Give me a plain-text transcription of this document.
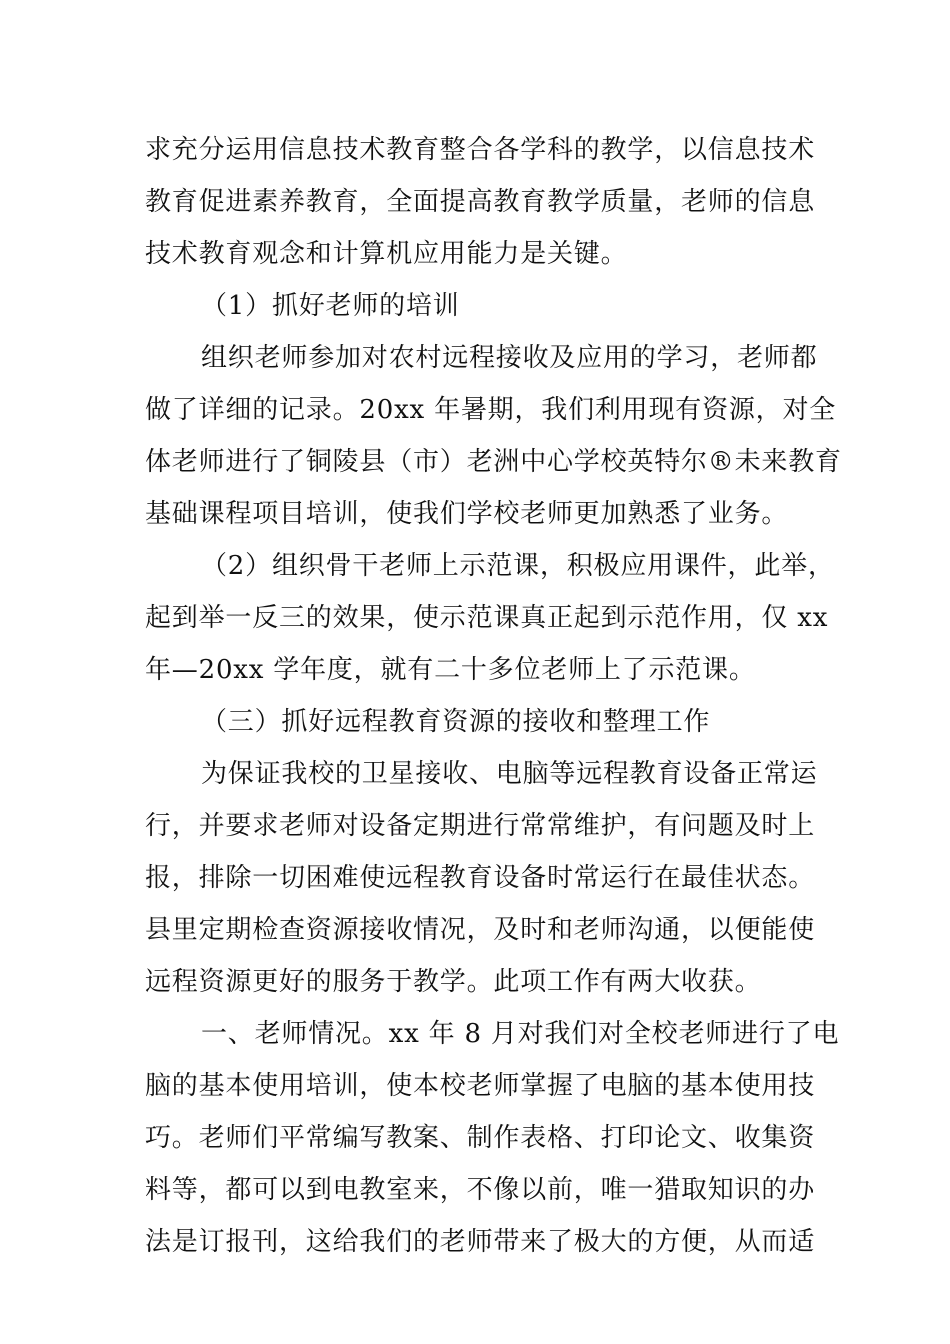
求充分运用信息技术教育整合各学科的教学，以信息技术
教育促进素养教育，全面提高教育教学质量，老师的信息
技术教育观念和计算机应用能力是关键。
（1）抓好老师的培训
组织老师参加对农村远程接收及应用的学习，老师都
做了详细的记录。20xx 年暑期，我们利用现有资源，对全
体老师进行了铜陵县（市）老洲中心学校英特尔®未来教育
基础课程项目培训，使我们学校老师更加熟悉了业务。
（2）组织骨干老师上示范课，积极应用课件，此举，
起到举一反三的效果，使示范课真正起到示范作用，仅 xx
年—20xx 学年度，就有二十多位老师上了示范课。
（三）抓好远程教育资源的接收和整理工作
为保证我校的卫星接收、电脑等远程教育设备正常运
行，并要求老师对设备定期进行常常维护，有问题及时上
报，排除一切困难使远程教育设备时常运行在最佳状态。
县里定期检查资源接收情况，及时和老师沟通，以便能使
远程资源更好的服务于教学。此项工作有两大收获。
一、老师情况。xx 年 8 月对我们对全校老师进行了电
脑的基本使用培训，使本校老师掌握了电脑的基本使用技
巧。老师们平常编写教案、制作表格、打印论文、收集资
料等，都可以到电教室来，不像以前，唯一猎取知识的办
法是订报刊，这给我们的老师带来了极大的方便，从而适
